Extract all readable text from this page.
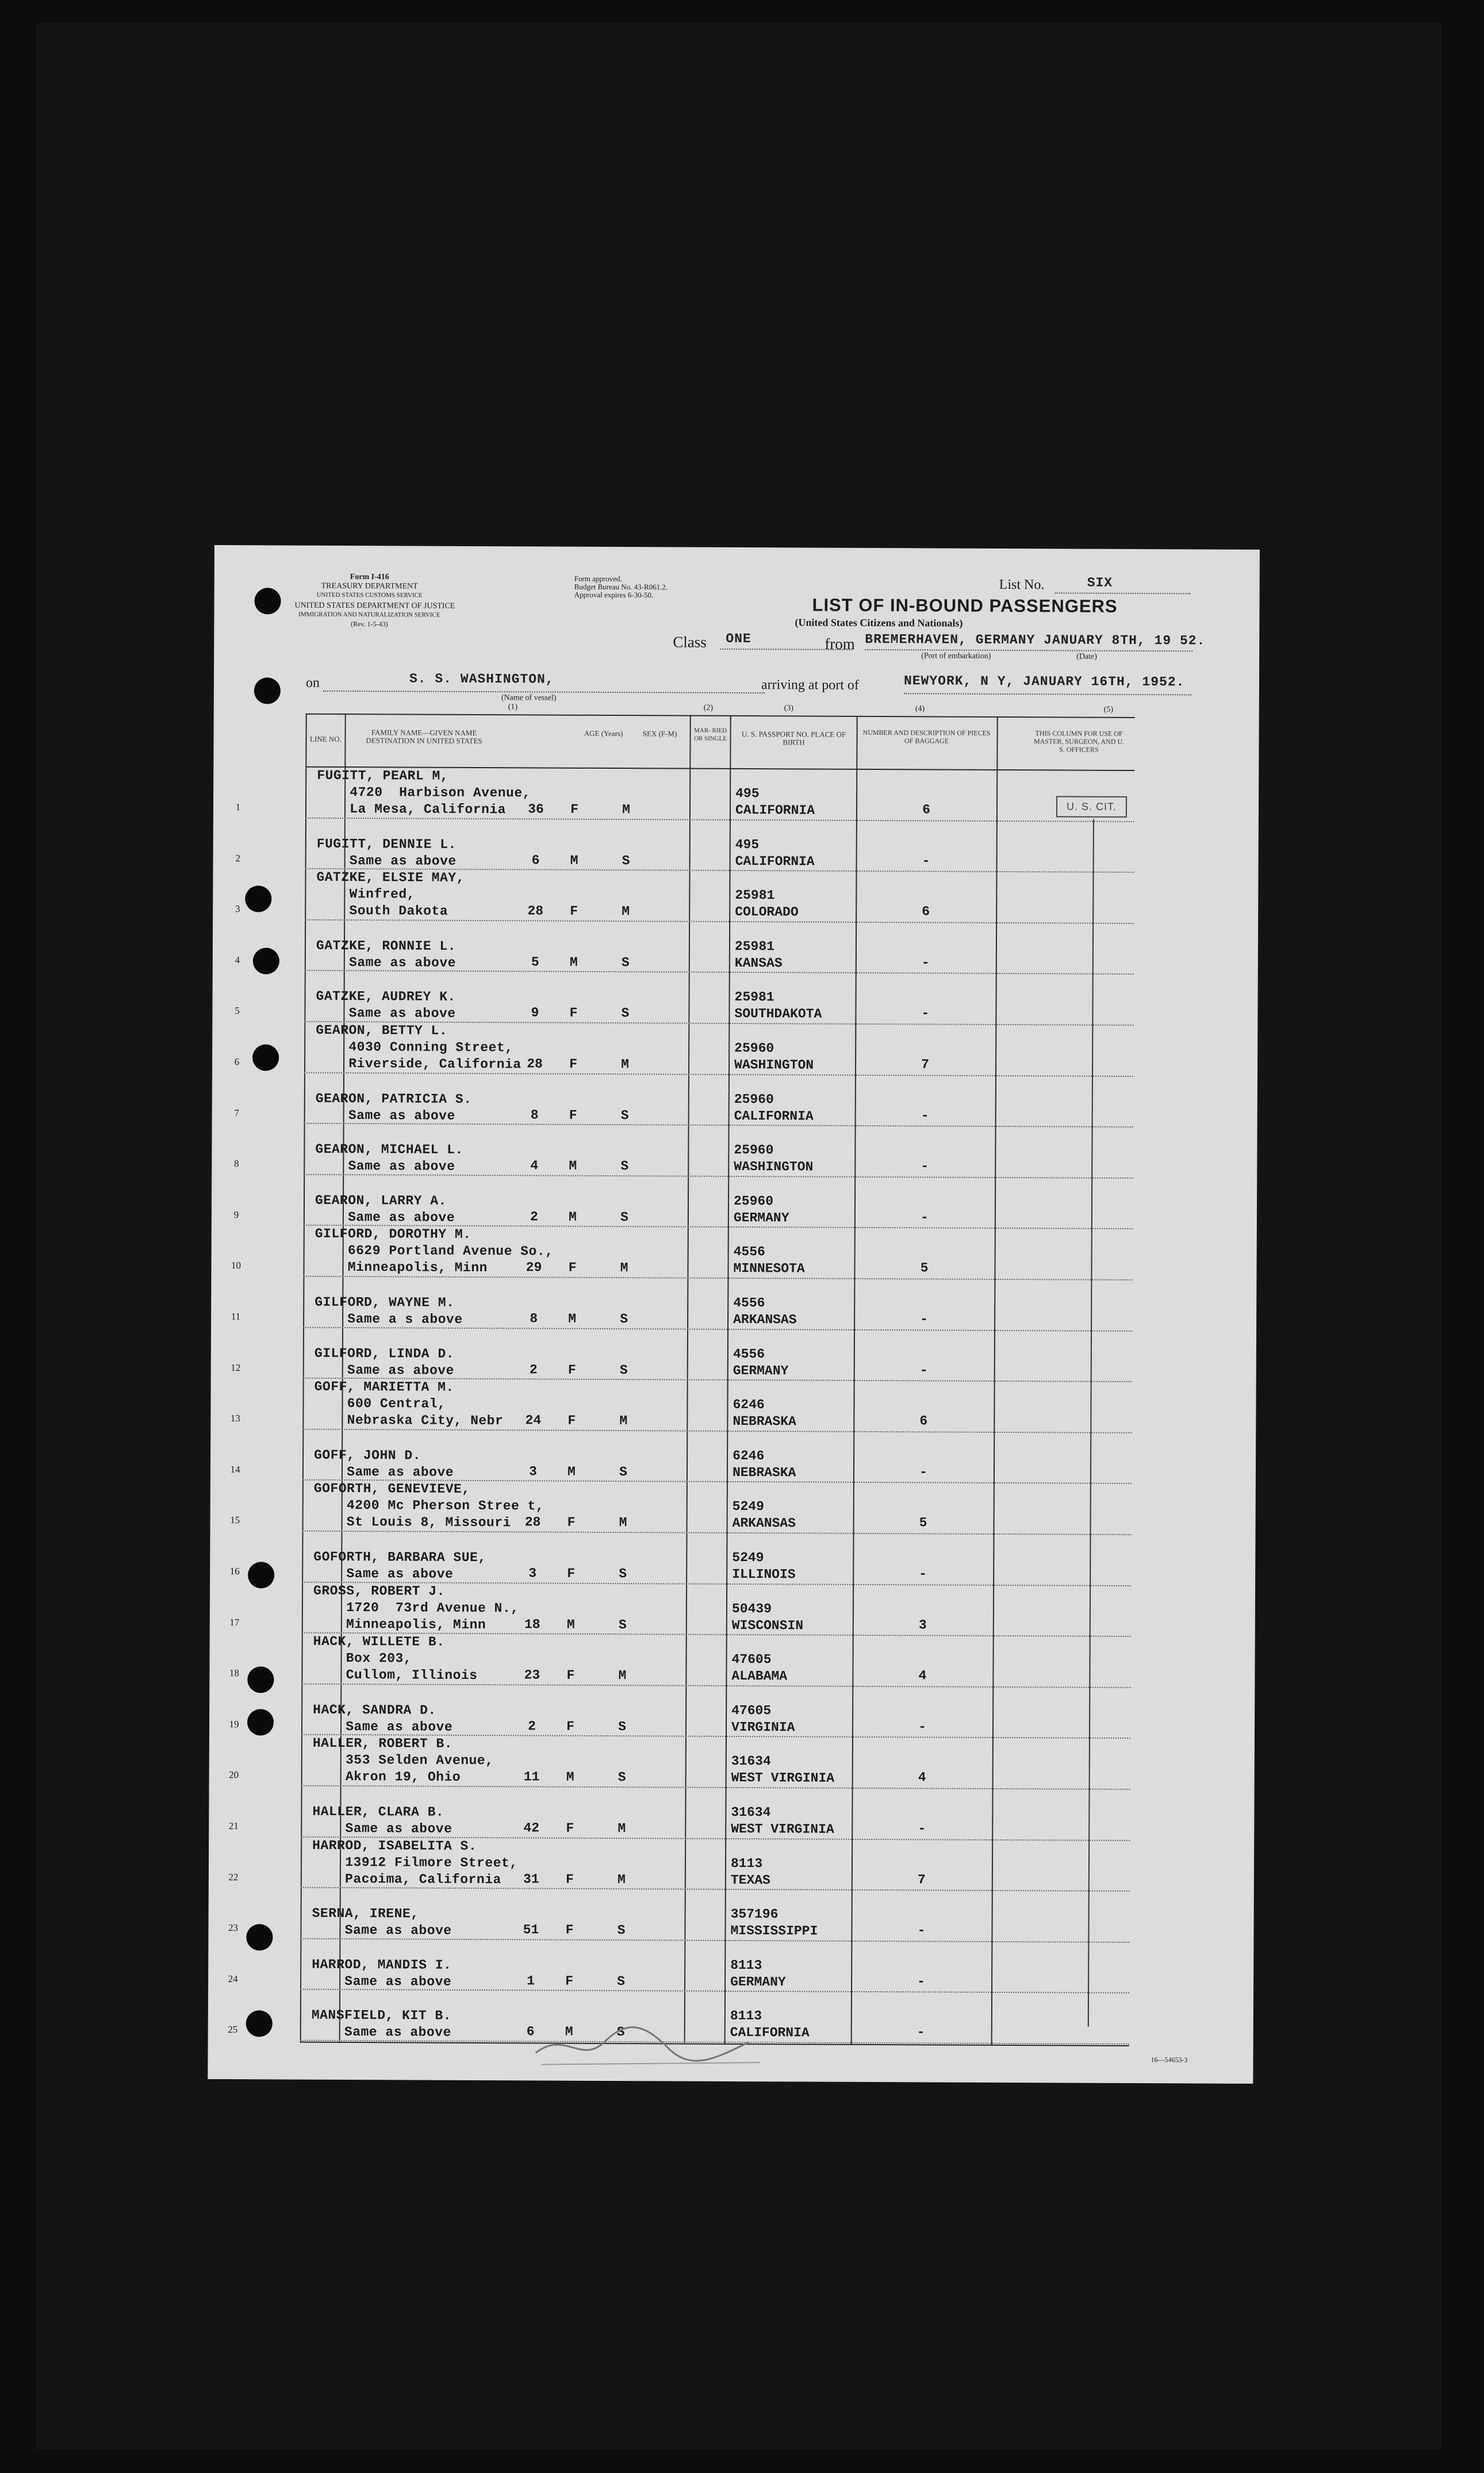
Form I-416
TREASURY DEPARTMENT
UNITED STATES CUSTOMS SERVICE
UNITED STATES DEPARTMENT OF JUSTICE
IMMIGRATION AND NATURALIZATION SERVICE
(Rev. 1-5-43)
Form approved.
Budget Bureau No. 43-R061.2.
Approval expires 6-30-50.
List No.	SIX
LIST OF IN-BOUND PASSENGERS
(United States Citizens and Nationals)
Class ONE	from BREMERHAVEN, GERMANY JANUARY 8TH, 19 52.
(Port of embarkation)	(Date)
on	S. S. WASHINGTON,
(Name of vessel)
arriving at port of	NEWYORK, N Y, JANUARY 16TH, 1952.
(1)	(2)	(3)	(4)	(5)
LINE NO.
FAMILY NAME—GIVEN NAME DESTINATION IN UNITED STATES
AGE (Years)	SEX (F-M)	MAR- RIED OR SINGLE	U. S. PASSPORT NO. PLACE OF BIRTH
NUMBER AND DESCRIPTION OF PIECES OF BAGGAGE
THIS COLUMN FOR USE OF MASTER, SURGEON, AND U. S. OFFICERS
U. S. CIT.
1
FUGITT, PEARL M,
4720  Harbison Avenue,
La Mesa, California	36	F	M
495
CALIFORNIA	6
2
FUGITT, DENNIE L.
Same as above	6	M	S
495
CALIFORNIA	-
3
GATZKE, ELSIE MAY,
Winfred,
South Dakota	28	F	M
25981
COLORADO	6
4
GATZKE, RONNIE L.
Same as above	5	M	S
25981
KANSAS	-
5
GATZKE, AUDREY K.
Same as above	9	F	S
25981
SOUTHDAKOTA	-
6
GEARON, BETTY L.
4030 Conning Street,
Riverside, California 28	F	M
25960
WASHINGTON	7
7
GEARON, PATRICIA S.
Same as above	8	F	S
25960
CALIFORNIA	-
8
GEARON, MICHAEL L.
Same as above	4	M	S
25960
WASHINGTON	-
9
GEARON, LARRY A.
Same as above	2	M	S
25960
GERMANY	-
10
GILFORD, DOROTHY M.
6629 Portland Avenue So.,
Minneapolis, Minn	29	F	M
4556
MINNESOTA	5
11
GILFORD, WAYNE M.
Same a s above	8	M	S
4556
ARKANSAS	-
12
GILFORD, LINDA D.
Same as above	2	F	S
4556
GERMANY	-
13
GOFF, MARIETTA M.
600 Central,
Nebraska City, Nebr	24	F	M
6246
NEBRASKA	6
14
GOFF, JOHN D.
Same as above	3	M	S
6246
NEBRASKA	-
15
GOFORTH, GENEVIEVE,
4200 Mc Pherson Stree t,
St Louis 8, Missouri	28	F	M
5249
ARKANSAS	5
16
GOFORTH, BARBARA SUE,
Same as above	3	F	S
5249
ILLINOIS	-
17
GROSS, ROBERT J.
1720  73rd Avenue N.,
Minneapolis, Minn	18	M	S
50439
WISCONSIN	3
18
HACK, WILLETE B.
Box 203,
Cullom, Illinois	23	F	M
47605
ALABAMA	4
19
HACK, SANDRA D.
Same as above	2	F	S
47605
VIRGINIA	-
20
HALLER, ROBERT B.
353 Selden Avenue,
Akron 19, Ohio	11	M	S
31634
WEST VIRGINIA	4
21
HALLER, CLARA B.
Same as above	42	F	M
31634
WEST VIRGINIA	-
22
HARROD, ISABELITA S.
13912 Filmore Street,
Pacoima, California	31	F	M
8113
TEXAS	7
23
SERNA, IRENE,
Same as above	51	F	S
357196
MISSISSIPPI	-
24
HARROD, MANDIS I.
Same as above	1	F	S
8113
GERMANY	-
25
MANSFIELD, KIT B.
Same as above	6	M	S
8113
CALIFORNIA	-
16—54653-3
